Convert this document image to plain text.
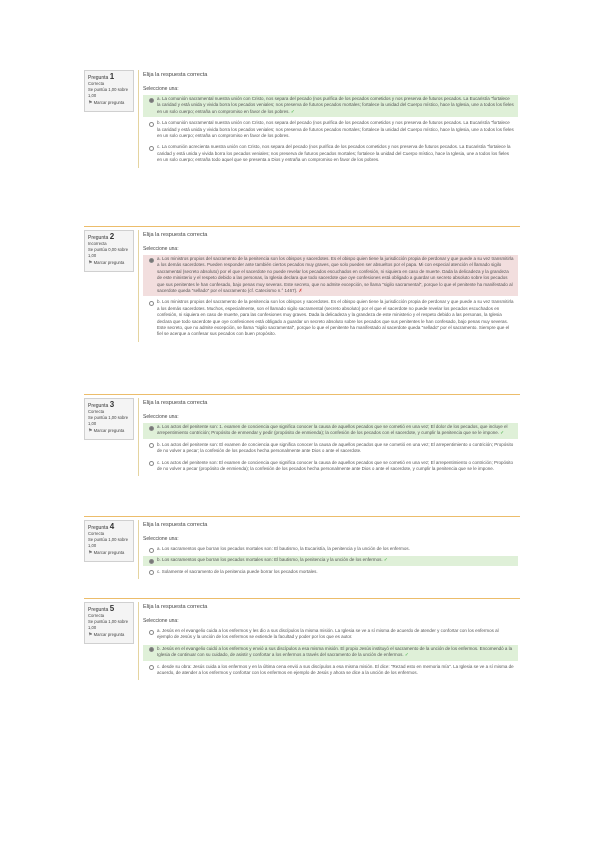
Pregunta 1
Correcta
Se puntúa 1,00 sobre 1,00
⚑ Marcar pregunta
Elija la respuesta correcta
Seleccione una:
a. La comunión sacramental nuestra unión con Cristo, nos separa del pecado (nos purifica de los pecados cometidos y nos preserva de futuros pecados. La Eucaristía "fortalece la caridad y está unida y vivida borra los pecados veniales; nos preserva de futuros pecados mortales; fortalece la unidad del Cuerpo místico, hace la Iglesia, une a todos los fieles en un solo cuerpo; entraña un compromiso en favor de los pobres. ✓
b. La comunión sacramental nuestra unión con Cristo, nos separa del pecado (nos purifica de los pecados cometidos y nos preserva de futuros pecados. La Eucaristía "fortalece la caridad y está unida y vivida borra los pecados veniales; nos preserva de futuros pecados mortales; fortalece la unidad del Cuerpo místico, hace la Iglesia, une a todos los fieles en un solo cuerpo; entraña un compromiso en favor de los pobres.
c. La comunión acrecienta nuestra unión con Cristo, nos separa del pecado (nos purifica de los pecados cometidos y nos preserva de futuros pecados. La Eucaristía "fortalece la caridad y está unida y vivida borra los pecados veniales; nos preserva de futuros pecados mortales; fortalece la unidad del Cuerpo místico, hace la Iglesia, une a todos los fieles en un solo cuerpo; entraña todo aquel que se presenta a Dios y entraña un compromiso en favor de los pobres.
Pregunta 2
Incorrecta
Se puntúa 0,00 sobre 1,00
⚑ Marcar pregunta
Elija la respuesta correcta
Seleccione una:
a. Los ministros propios del sacramento de la penitencia son los obispos y sacerdotes. Es el obispo quien tiene la jurisdicción propia de perdonar y que puede a su vez transmitirla a los demás sacerdotes. Pueden responder ante también ciertos pecados muy graves, que solo pueden ser absueltos por el papa. Mi con especial atención el llamado sigilo sacramental (secreto absoluto) por el que el sacerdote no puede revelar los pecados escuchados en confesión, ni siquiera en caso de muerte. Dada la delicadeza y la grandeza de este ministerio y el respeto debido a las personas, la Iglesia declara que todo sacerdote que oye confesiones está obligado a guardar un secreto absoluto sobre los pecados que sus penitentes le han confesado, bajo penas muy severas. Este secreto, que no admite excepción, se llama "sigilo sacramental", porque lo que el penitente ha manifestado al sacerdote queda "sellado" por el sacramento (cf. Catecismo n.° 1467). ✗
b. Los ministros propios del sacramento de la penitencia son los obispos y sacerdotes. Es el obispo quien tiene la jurisdicción propia de perdonar y que puede a su vez transmitirla a los demás sacerdotes. Muchos, especialmente, son el llamado sigilo sacramental (secreto absoluto) por el que el sacerdote no puede revelar los pecados escuchados en confesión, ni siquiera en caso de muerte, para las confesiones muy graves. Dada la delicadeza y la grandeza de este ministerio y el respeto debido a las personas, la Iglesia declara que todo sacerdote que oye confesiones está obligado a guardar un secreto absoluto sobre los pecados que sus penitentes le han confesado, bajo penas muy severas. Este secreto, que no admite excepción, se llama "sigilo sacramental", porque lo que el penitente ha manifestado al sacerdote queda "sellado" por el sacramento. Siempre que el fiel se acerque a confesar sus pecados con buen propósito.
Pregunta 3
Correcta
Se puntúa 1,00 sobre 1,00
⚑ Marcar pregunta
Elija la respuesta correcta
Seleccione una:
a. Los actos del penitente son: 1. examen de conciencia que significa conocer la causa de aquellos pecados que se cometió en una vez; El dolor de los pecados, que incluye el arrepentimiento contrición; Propósito de enmendar y pedir (propósito de enmienda); la confesión de los pecados con el sacerdote, y cumplir la penitencia que se le impone. ✓
b. Los actos del penitente son: El examen de conciencia que significa conocer la causa de aquellos pecados que se cometió en una vez; El arrepentimiento o contrición; Propósito de no volver a pecar; la confesión de los pecados hecha personalmente ante Dios o ante el sacerdote.
c. Los actos del penitente son: El examen de conciencia que significa conocer la causa de aquellos pecados que se cometió en una vez; El arrepentimiento o contrición; Propósito de no volver a pecar (propósito de enmienda); la confesión de los pecados hecha personalmente ante Dios o ante el sacerdote, y cumplir la penitencia que se le impone.
Pregunta 4
Correcta
Se puntúa 1,00 sobre 1,00
⚑ Marcar pregunta
Elija la respuesta correcta
Seleccione una:
a. Los sacramentos que borran los pecados mortales son: El bautismo, la Eucaristía, la penitencia y la unción de los enfermos.
b. Los sacramentos que borran los pecados mortales son: El bautismo, la penitencia y la unción de los enfermos. ✓
c. Solamente el sacramento de la penitencia puede borrar los pecados mortales.
Pregunta 5
Correcta
Se puntúa 1,00 sobre 1,00
⚑ Marcar pregunta
Elija la respuesta correcta
Seleccione una:
a. Jesús en el evangelio cuida a los enfermos y les dio a sus discípulos la misma misión. La Iglesia se ve a sí misma de acuerdo de atender y confortar con los enfermos al ejemplo de Jesús y la unción de los enfermos se extiende la facultad y poder por los que es autor.
b. Jesús en el evangelio cuidó a los enfermos y envió a sus discípulos a esa misma misión. El propio Jesús instituyó el sacramento de la unción de los enfermos. Encomendó a la Iglesia de continuar con su cuidado, de asistir y confortar a los enfermos a través del sacramento de la unción de enfermos. ✓
c. desde su obra: Jesús cuida a los enfermos y en la última cena envió a sus discípulos a esa misma misión. El dice: "Rezad esto en memoria mía". La Iglesia se ve a sí misma de acuerdo, de atender a los enfermos y confortar con los enfermos en ejemplo de Jesús y ahora se dice a la unción de los enfermos.
